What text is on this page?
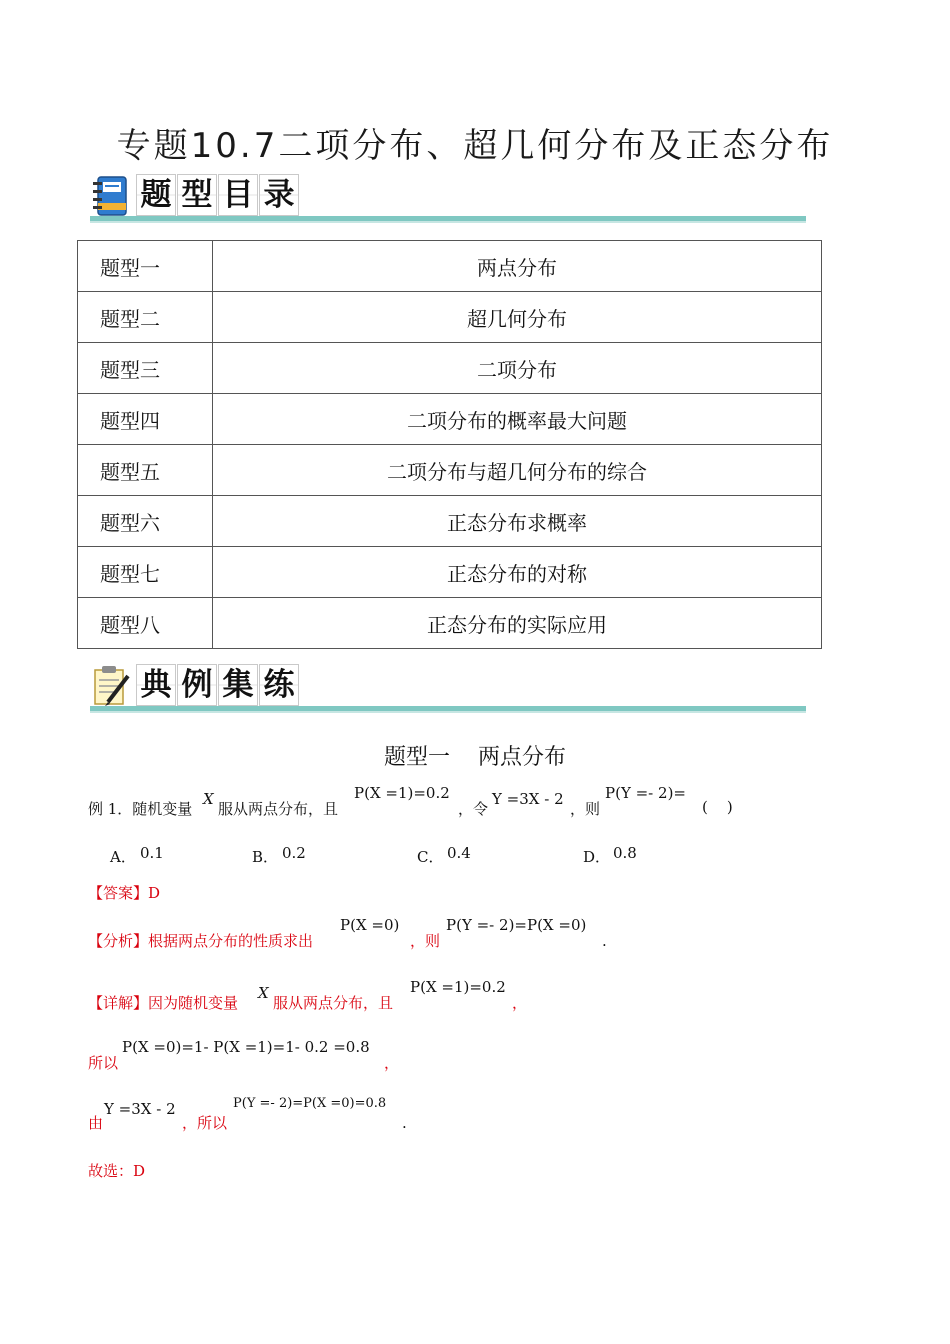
专题10.7二项分布、超几何分布及正态分布
题 型 目 录
题型一	两点分布
题型二	超几何分布
题型三	二项分布
题型四	二项分布的概率最大问题
题型五	二项分布与超几何分布的综合
题型六	正态分布求概率
题型七	正态分布的对称
题型八	正态分布的实际应用
典 例 集 练
题型一    两点分布
例 1．随机变量
X
服从两点分布，且
P(X =1)=0.2
，令
Y =3X - 2
，则
P(Y =- 2)=
(    )
A． 0.1	B． 0.2	C． 0.4	D． 0.8
【答案】D
【分析】根据两点分布的性质求出
P(X =0)
，则
P(Y =- 2)=P(X =0)
.
【详解】因为随机变量
X
服从两点分布，且
P(X =1)=0.2
，
所以
P(X =0)=1- P(X =1)=1- 0.2 =0.8
，
由
Y =3X - 2
，所以
P(Y =- 2)=P(X =0)=0.8
.
故选：D
